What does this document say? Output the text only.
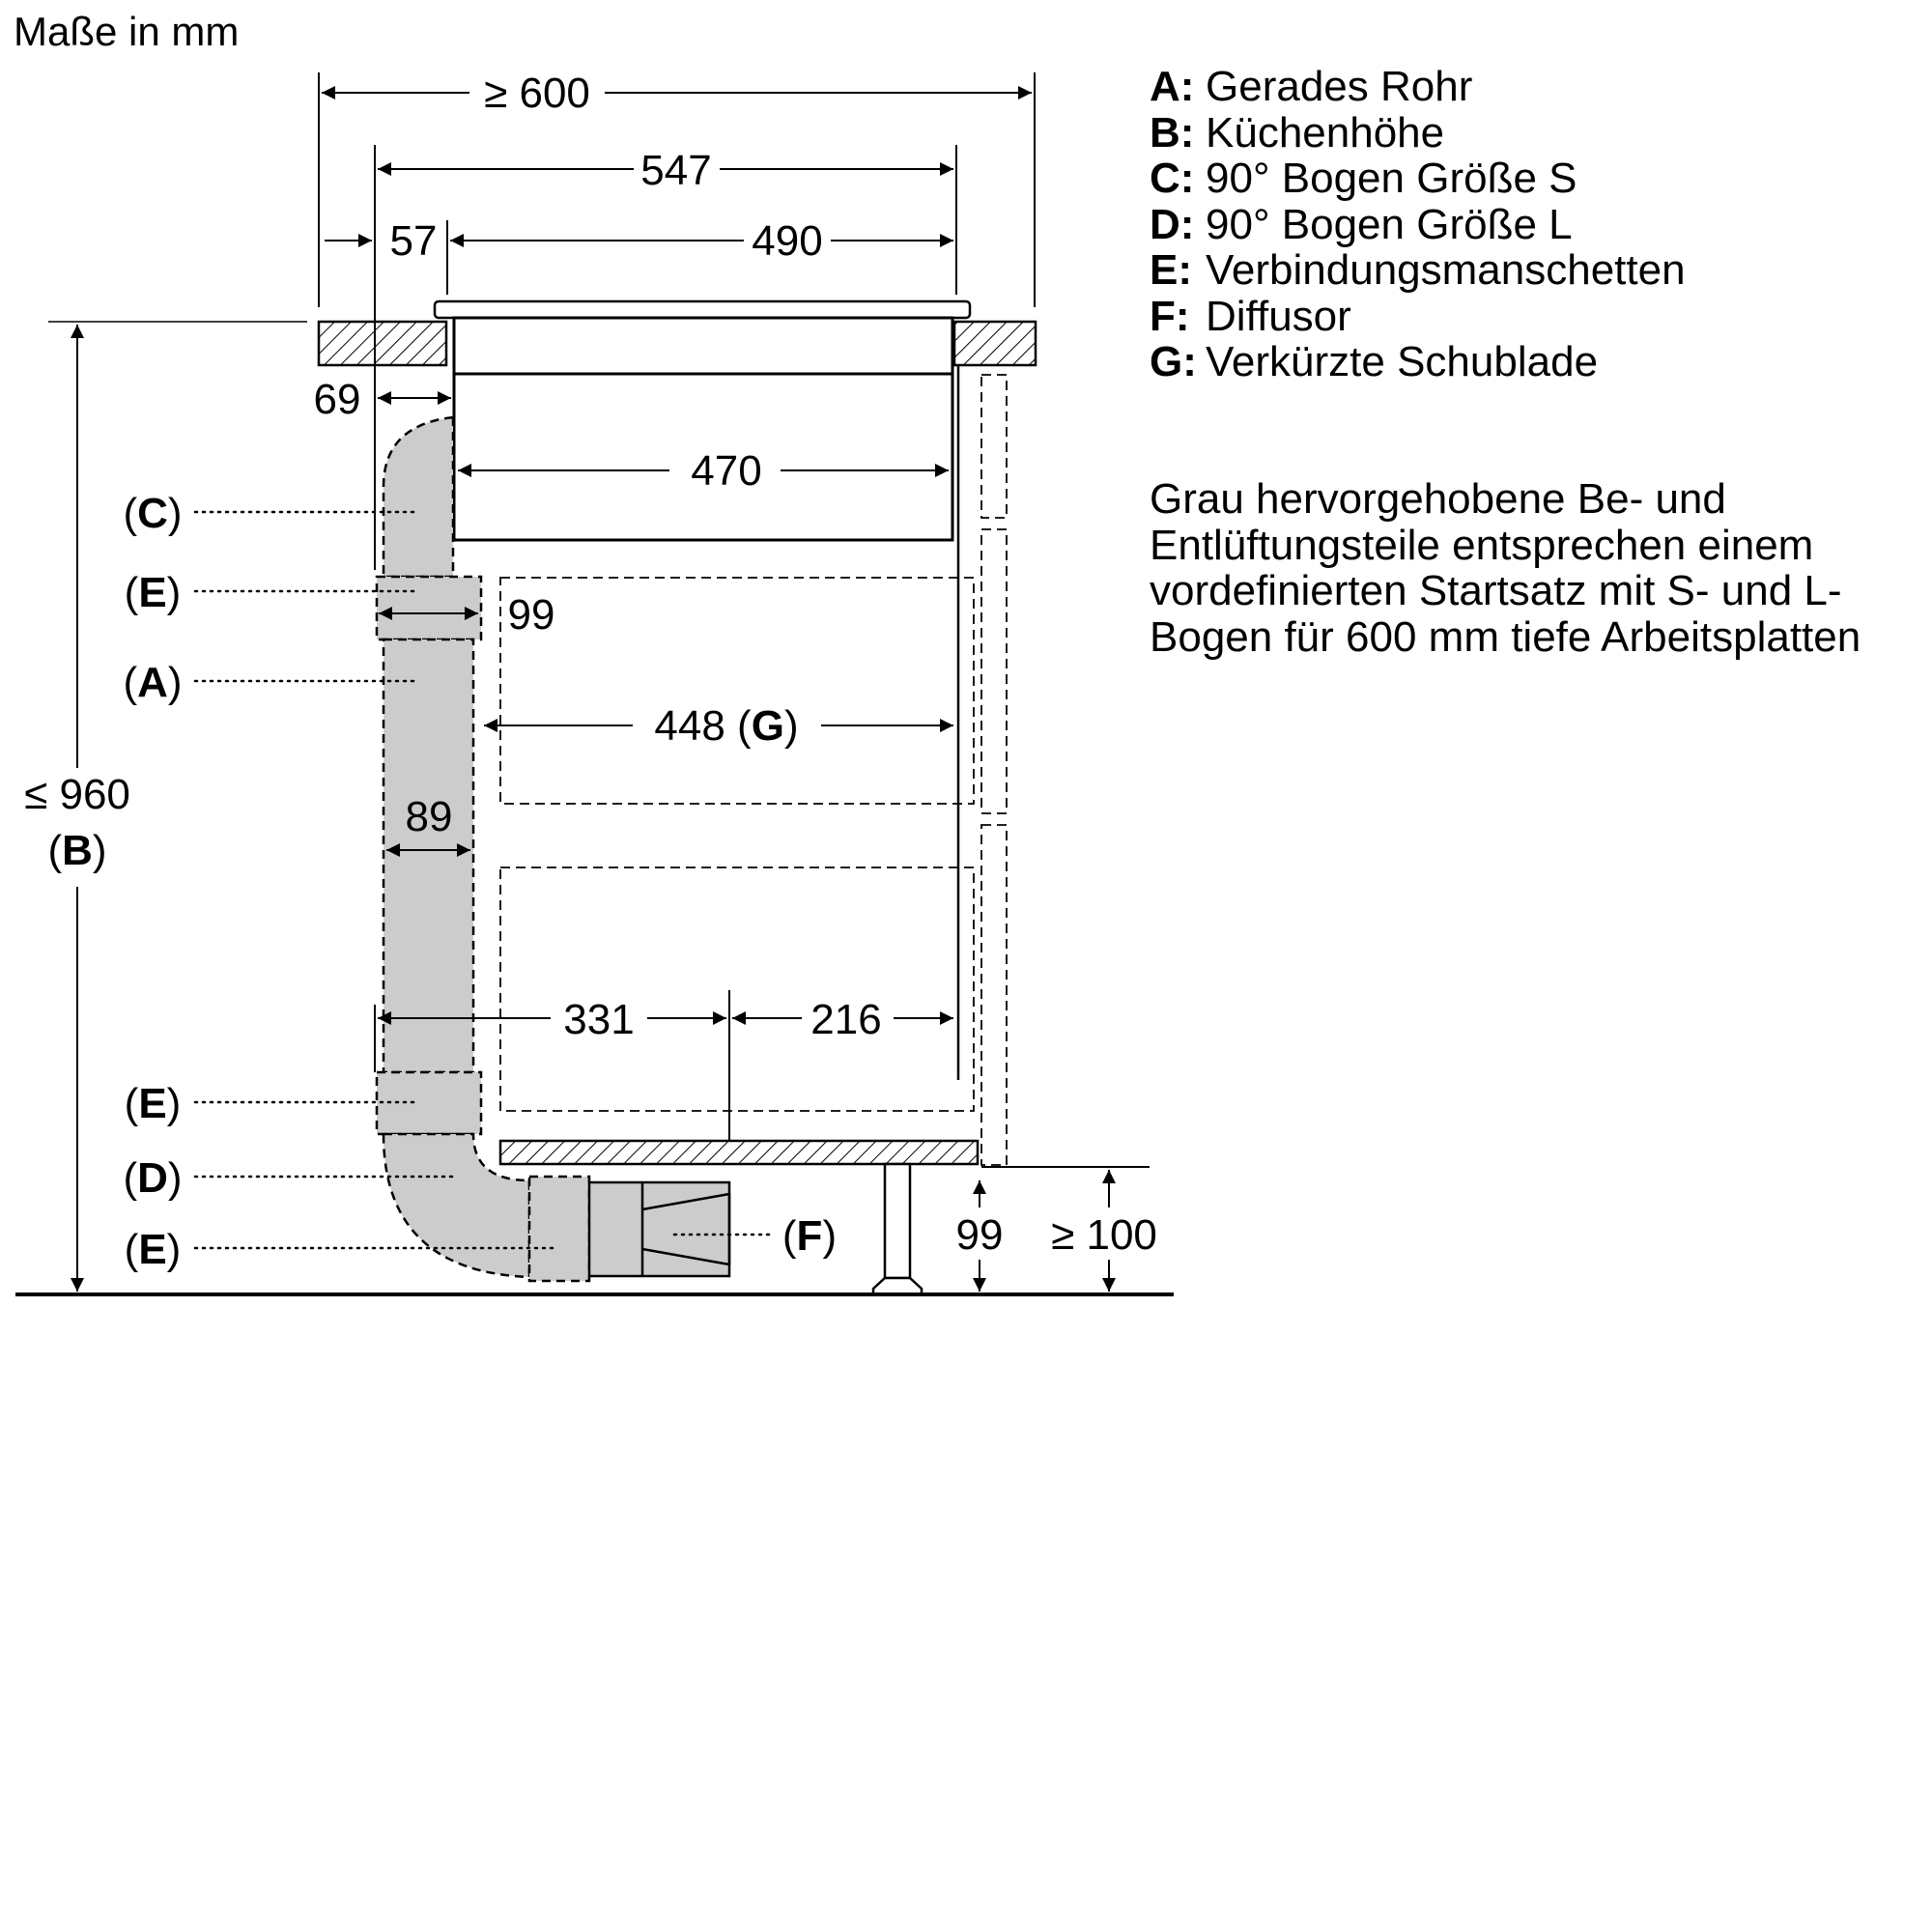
Maße in mm
≥ 600
547
57	490
69
470
99
448 (G)
89
331	216
≤ 960
(B)
99 ≥ 100
(C)
(E)
(A)
(E)
(D)
(E)	(F)
A: Gerades Rohr
B: Küchenhöhe
C: 90° Bogen Größe S
D: 90° Bogen Größe L
E: Verbindungsmanschetten
F: Diffusor
G: Verkürzte Schublade

Grau hervorgehobene Be- und Entlüftungsteile entsprechen einem vordefinierten Startsatz mit S- und L-Bogen für 600 mm tiefe Arbeitsplatten
